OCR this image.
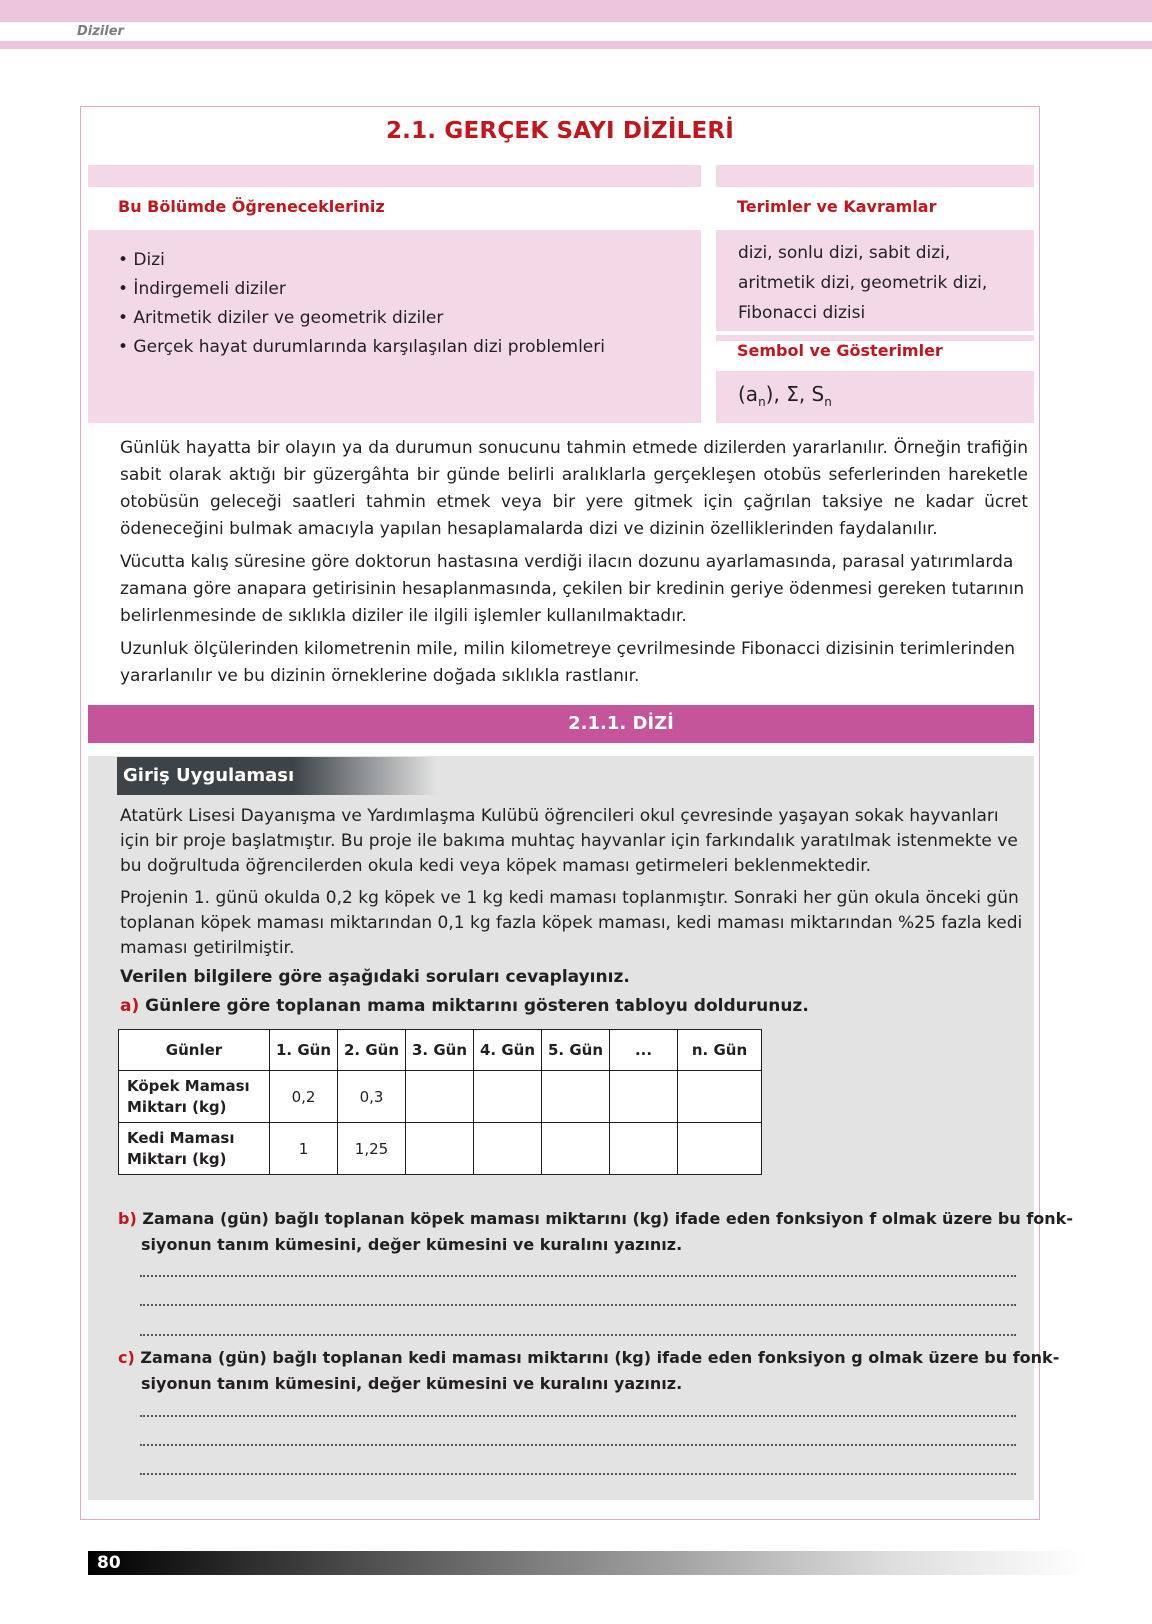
Diziler
2.1. GERÇEK SAYI DİZİLERİ
Bu Bölümde Öğrenecekleriniz
• Dizi
• İndirgemeli diziler
• Aritmetik diziler ve geometrik diziler
• Gerçek hayat durumlarında karşılaşılan dizi problemleri
Terimler ve Kavramlar
dizi, sonlu dizi, sabit dizi,
aritmetik dizi, geometrik dizi,
Fibonacci dizisi
Sembol ve Gösterimler
$(a_n)$, Σ, $S_n$
Günlük hayatta bir olayın ya da durumun sonucunu tahmin etmede dizilerden yararlanılır. Örneğin trafiğin sabit olarak aktığı bir güzergâhta bir günde belirli aralıklarla gerçekleşen otobüs seferlerinden hareketle otobüsün geleceği saatleri tahmin etmek veya bir yere gitmek için çağrılan taksiye ne kadar ücret ödeneceğini bulmak amacıyla yapılan hesaplamalarda dizi ve dizinin özelliklerinden faydalanılır.
Vücutta kalış süresine göre doktorun hastasına verdiği ilacın dozunu ayarlamasında, parasal yatırımlarda zamana göre anapara getirisinin hesaplanmasında, çekilen bir kredinin geriye ödenmesi gereken tutarının belirlenmesinde de sıklıkla diziler ile ilgili işlemler kullanılmaktadır.
Uzunluk ölçülerinden kilometrenin mile, milin kilometreye çevrilmesinde Fibonacci dizisinin terimlerinden yararlanılır ve bu dizinin örneklerine doğada sıklıkla rastlanır.
2.1.1. DİZİ
Giriş Uygulaması
Atatürk Lisesi Dayanışma ve Yardımlaşma Kulübü öğrencileri okul çevresinde yaşayan sokak hayvanları için bir proje başlatmıştır. Bu proje ile bakıma muhtaç hayvanlar için farkındalık yaratılmak istenmekte ve bu doğrultuda öğrencilerden okula kedi veya köpek maması getirmeleri beklenmektedir.
Projenin 1. günü okulda 0,2 kg köpek ve 1 kg kedi maması toplanmıştır. Sonraki her gün okula önceki gün toplanan köpek maması miktarından 0,1 kg fazla köpek maması, kedi maması miktarından %25 fazla kedi maması getirilmiştir.
Verilen bilgilere göre aşağıdaki soruları cevaplayınız.
a) Günlere göre toplanan mama miktarını gösteren tabloyu doldurunuz.
Günler	1. Gün	2. Gün	3. Gün	4. Gün	5. Gün	...	n. Gün

Köpek Maması
Miktarı (kg)	0,2	0,3					

Kedi Maması
Miktarı (kg)	1	1,25					
b) Zamana (gün) bağlı toplanan köpek maması miktarını (kg) ifade eden fonksiyon f olmak üzere bu fonk-
siyonun tanım kümesini, değer kümesini ve kuralını yazınız.
c) Zamana (gün) bağlı toplanan kedi maması miktarını (kg) ifade eden fonksiyon g olmak üzere bu fonk-
siyonun tanım kümesini, değer kümesini ve kuralını yazınız.
80
